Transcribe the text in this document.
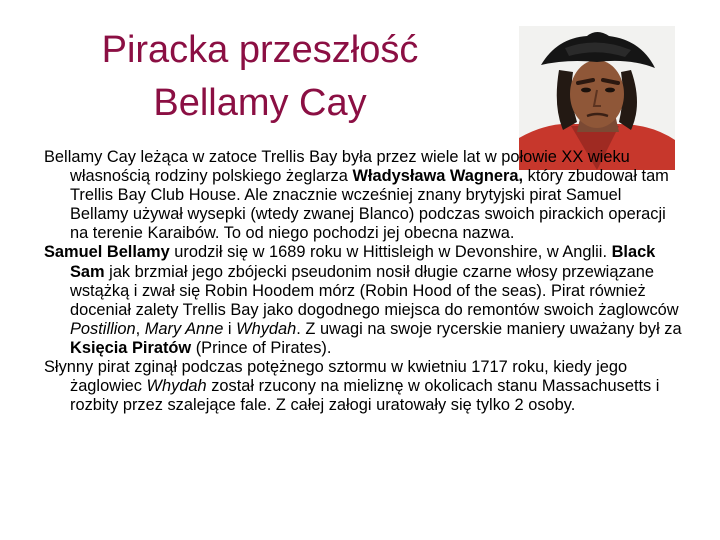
Piracka przeszłość
Bellamy Cay

Bellamy Cay leżąca w zatoce Trellis Bay była przez wiele lat w połowie XX wieku własnością rodziny polskiego żeglarza Władysława Wagnera, który zbudował tam Trellis Bay Club House. Ale znacznie wcześniej znany brytyjski pirat Samuel Bellamy używał wysepki (wtedy zwanej Blanco) podczas swoich pirackich operacji na terenie Karaibów. To od niego pochodzi jej obecna nazwa.

Samuel Bellamy urodził się w 1689 roku w Hittisleigh w Devonshire, w Anglii. Black Sam jak brzmiał jego zbójecki pseudonim nosił długie czarne włosy przewiązane wstążką i zwał się Robin Hoodem mórz (Robin Hood of the seas). Pirat również doceniał zalety Trellis Bay jako dogodnego miejsca do remontów swoich żaglowców Postillion, Mary Anne i Whydah. Z uwagi na swoje rycerskie maniery uważany był za Księcia Piratów (Prince of Pirates).

Słynny pirat zginął podczas potężnego sztormu w kwietniu 1717 roku, kiedy jego żaglowiec Whydah został rzucony na mieliznę w okolicach stanu Massachusetts i rozbity przez szalejące fale. Z całej załogi uratowały się tylko 2 osoby.
